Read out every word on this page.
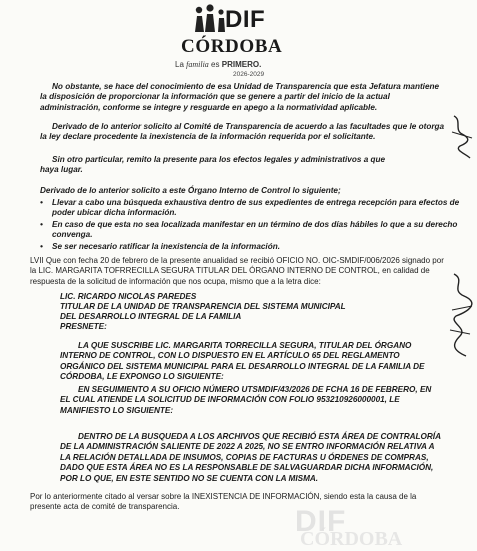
DIF
CÓRDOBA
La familia es PRIMERO.
2026-2029

No obstante, se hace del conocimiento de esa Unidad de Transparencia que esta Jefatura mantiene la disposición de proporcionar la información que se genere a partir del inicio de la actual administración, conforme se integre y resguarde en apego a la normatividad aplicable.

Derivado de lo anterior solicito al Comité de Transparencia de acuerdo a las facultades que le otorga la ley declare procedente la inexistencia de la información requerida por el solicitante.

Sin otro particular, remito la presente para los efectos legales y administrativos a que haya lugar.

Derivado de lo anterior solicito a este Órgano Interno de Control lo siguiente;

• Llevar a cabo una búsqueda exhaustiva dentro de sus expedientes de entrega recepción para efectos de poder ubicar dicha información.
• En caso de que esta no sea localizada manifestar en un término de dos días hábiles lo que a su derecho convenga.
• Se ser necesario ratificar la inexistencia de la información.

LVII Que con fecha 20 de febrero de la presente anualidad se recibió OFICIO NO. OIC-SMDIF/006/2026 signado por la LIC. MARGARITA TOFRRECILLA SEGURA TITULAR DEL ÓRGANO INTERNO DE CONTROL, en calidad de respuesta de la solicitud de información que nos ocupa, mismo que a la letra dice:

LIC. RICARDO NICOLAS PAREDES

TITULAR DE LA UNIDAD DE TRANSPARENCIA DEL SISTEMA MUNICIPAL

DEL DESARROLLO INTEGRAL DE LA FAMILIA

PRESNETE:

LA QUE SUSCRIBE LIC. MARGARITA TORRECILLA SEGURA, TITULAR DEL ÓRGANO INTERNO DE CONTROL, CON LO DISPUESTO EN EL ARTÍCULO 65 DEL REGLAMENTO ORGÁNICO DEL SISTEMA MUNICIPAL PARA EL DESARROLLO INTEGRAL DE LA FAMILIA DE CÓRDOBA, LE EXPONGO LO SIGUIENTE:

EN SEGUIMIENTO A SU OFICIO NÚMERO UTSMDIF/43/2026 DE FCHA 16 DE FEBRERO, EN EL CUAL ATIENDE LA SOLICITUD DE INFORMACIÓN CON FOLIO 953210926000001, LE MANIFIESTO LO SIGUIENTE:

DENTRO DE LA BUSQUEDA A LOS ARCHIVOS QUE RECIBIÓ ESTA ÁREA DE CONTRALORÍA DE LA ADMINISTRACIÓN SALIENTE DE 2022 A 2025, NO SE ENTRO INFORMACIÓN RELATIVA A LA RELACIÓN DETALLADA DE INSUMOS, COPIAS DE FACTURAS U ÓRDENES DE COMPRAS, DADO QUE ESTA ÁREA NO ES LA RESPONSABLE DE SALVAGUARDAR DICHA INFORMACIÓN, POR LO QUE, EN ESTE SENTIDO NO SE CUENTA CON LA MISMA.

Por lo anteriormente citado al versar sobre la INEXISTENCIA DE INFORMACIÓN, siendo esta la causa de la presente acta de comité de transparencia.	DIF
CÓRDOBA
